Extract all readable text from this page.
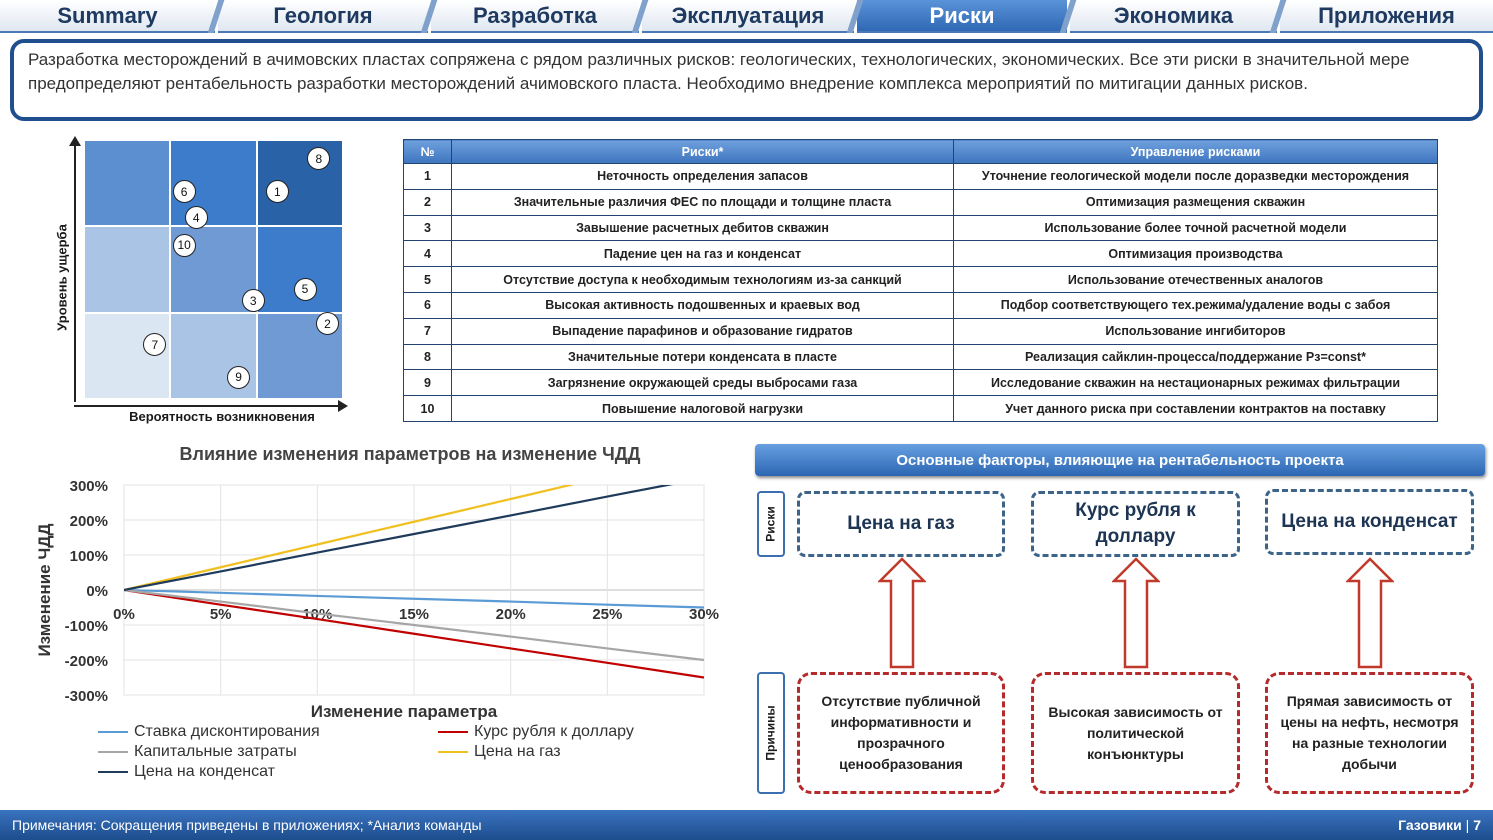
Summary	Геология	Разработка	Эксплуатация	Риски	Экономика	Приложения

Разработка месторождений в ачимовских пластах сопряжена с рядом различных рисков: геологических, технологических, экономических. Все эти риски в значительной мере предопределяют рентабельность разработки месторождений ачимовского пласта. Необходимо внедрение комплекса мероприятий по митигации данных рисков.

8
1
6
4
10
5
3
2
7
9
Вероятность возникновения
Уровень ущерба
№	Риски*	Управление рисками
1	Неточность определения запасов	Уточнение геологической модели после доразведки месторождения
2	Значительные различия ФЕС по площади и толщине пласта	Оптимизация размещения скважин
3	Завышение расчетных дебитов скважин	Использование более точной расчетной модели
4	Падение цен на газ и конденсат	Оптимизация производства
5	Отсутствие доступа к необходимым технологиям из-за санкций	Использование отечественных аналогов
6	Высокая активность подошвенных и краевых вод	Подбор соответствующего тех.режима/удаление воды с забоя
7	Выпадение парафинов и образование гидратов	Использование ингибиторов
8	Значительные потери конденсата в пласте	Реализация сайклин-процесса/поддержание Pз=const*
9	Загрязнение окружающей среды выбросами газа	Исследование скважин на нестационарных режимах фильтрации
10	Повышение налоговой нагрузки	Учет данного риска при составлении контрактов на поставку
Влияние изменения параметров на изменение ЧДД
300%
200%
100%
0%
-100%
-200%
-300%
0%	5%	10%	15%	20%	25%	30%
Изменение параметра
Изменение ЧДД
Ставка дисконтирования	Курс рубля к доллару
Капитальные затраты	Цена на газ
Цена на конденсат
Основные факторы, влияющие на рентабельность проекта
Риски
Причины
Цена на газ
Курс рубля к доллару
Цена на конденсат
Отсутствие публичной информативности и прозрачного ценообразования
Высокая зависимость от политической конъюнктуры
Прямая зависимость от цены на нефть, несмотря на разные технологии добычи
Примечания: Сокращения приведены в приложениях; *Анализ команды	Газовики | 7
